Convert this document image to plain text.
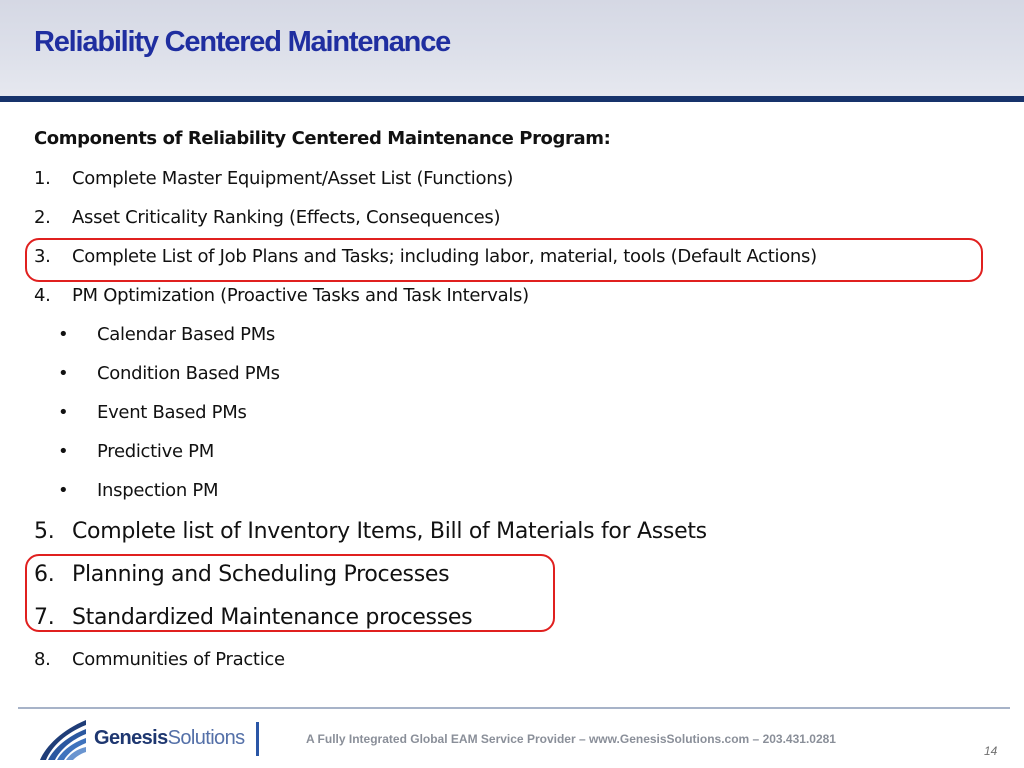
Reliability Centered Maintenance
Components of Reliability Centered Maintenance Program:
1. Complete Master Equipment/Asset List (Functions)
2. Asset Criticality Ranking (Effects, Consequences)
3. Complete List of Job Plans and Tasks; including labor, material, tools (Default Actions)
4. PM Optimization (Proactive Tasks and Task Intervals)
• Calendar Based PMs
• Condition Based PMs
• Event Based PMs
• Predictive PM
• Inspection PM
5. Complete list of Inventory Items, Bill of Materials for Assets
6. Planning and Scheduling Processes
7. Standardized Maintenance processes
8. Communities of Practice
GenesisSolutions	A Fully Integrated Global EAM Service Provider – www.GenesisSolutions.com – 203.431.0281
14
